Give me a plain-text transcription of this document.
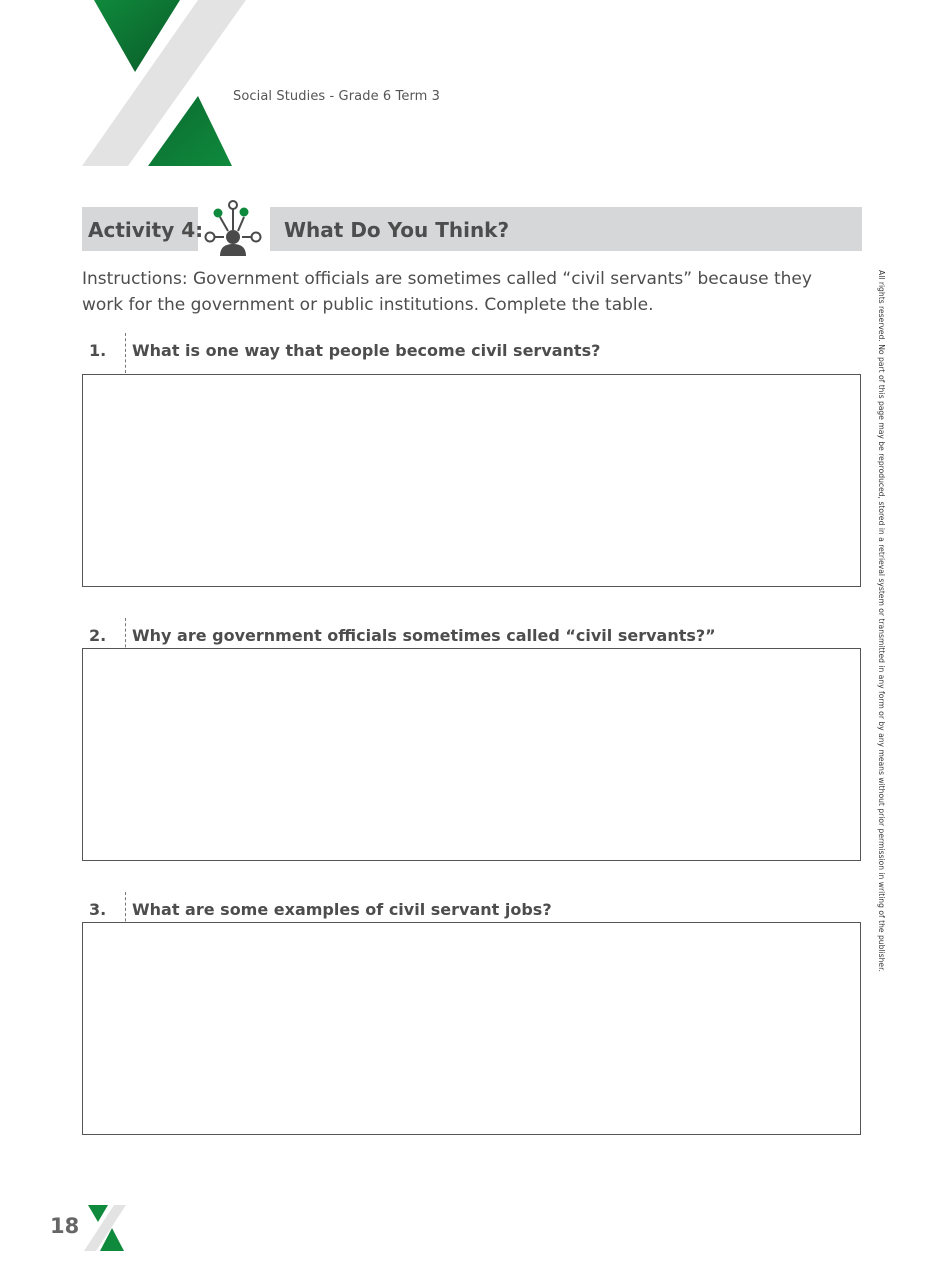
Social Studies - Grade 6 Term 3
Activity 4:	What Do You Think?
Instructions: Government officials are sometimes called “civil servants” because they work for the government or public institutions. Complete the table.
1. What is one way that people become civil servants?
2. Why are government officials sometimes called “civil servants?”
3. What are some examples of civil servant jobs?	All rights reserved. No part of this page may be reproduced, stored in a retrieval system or transmitted in any form or by any means without prior permission in writing of the publisher.
18
